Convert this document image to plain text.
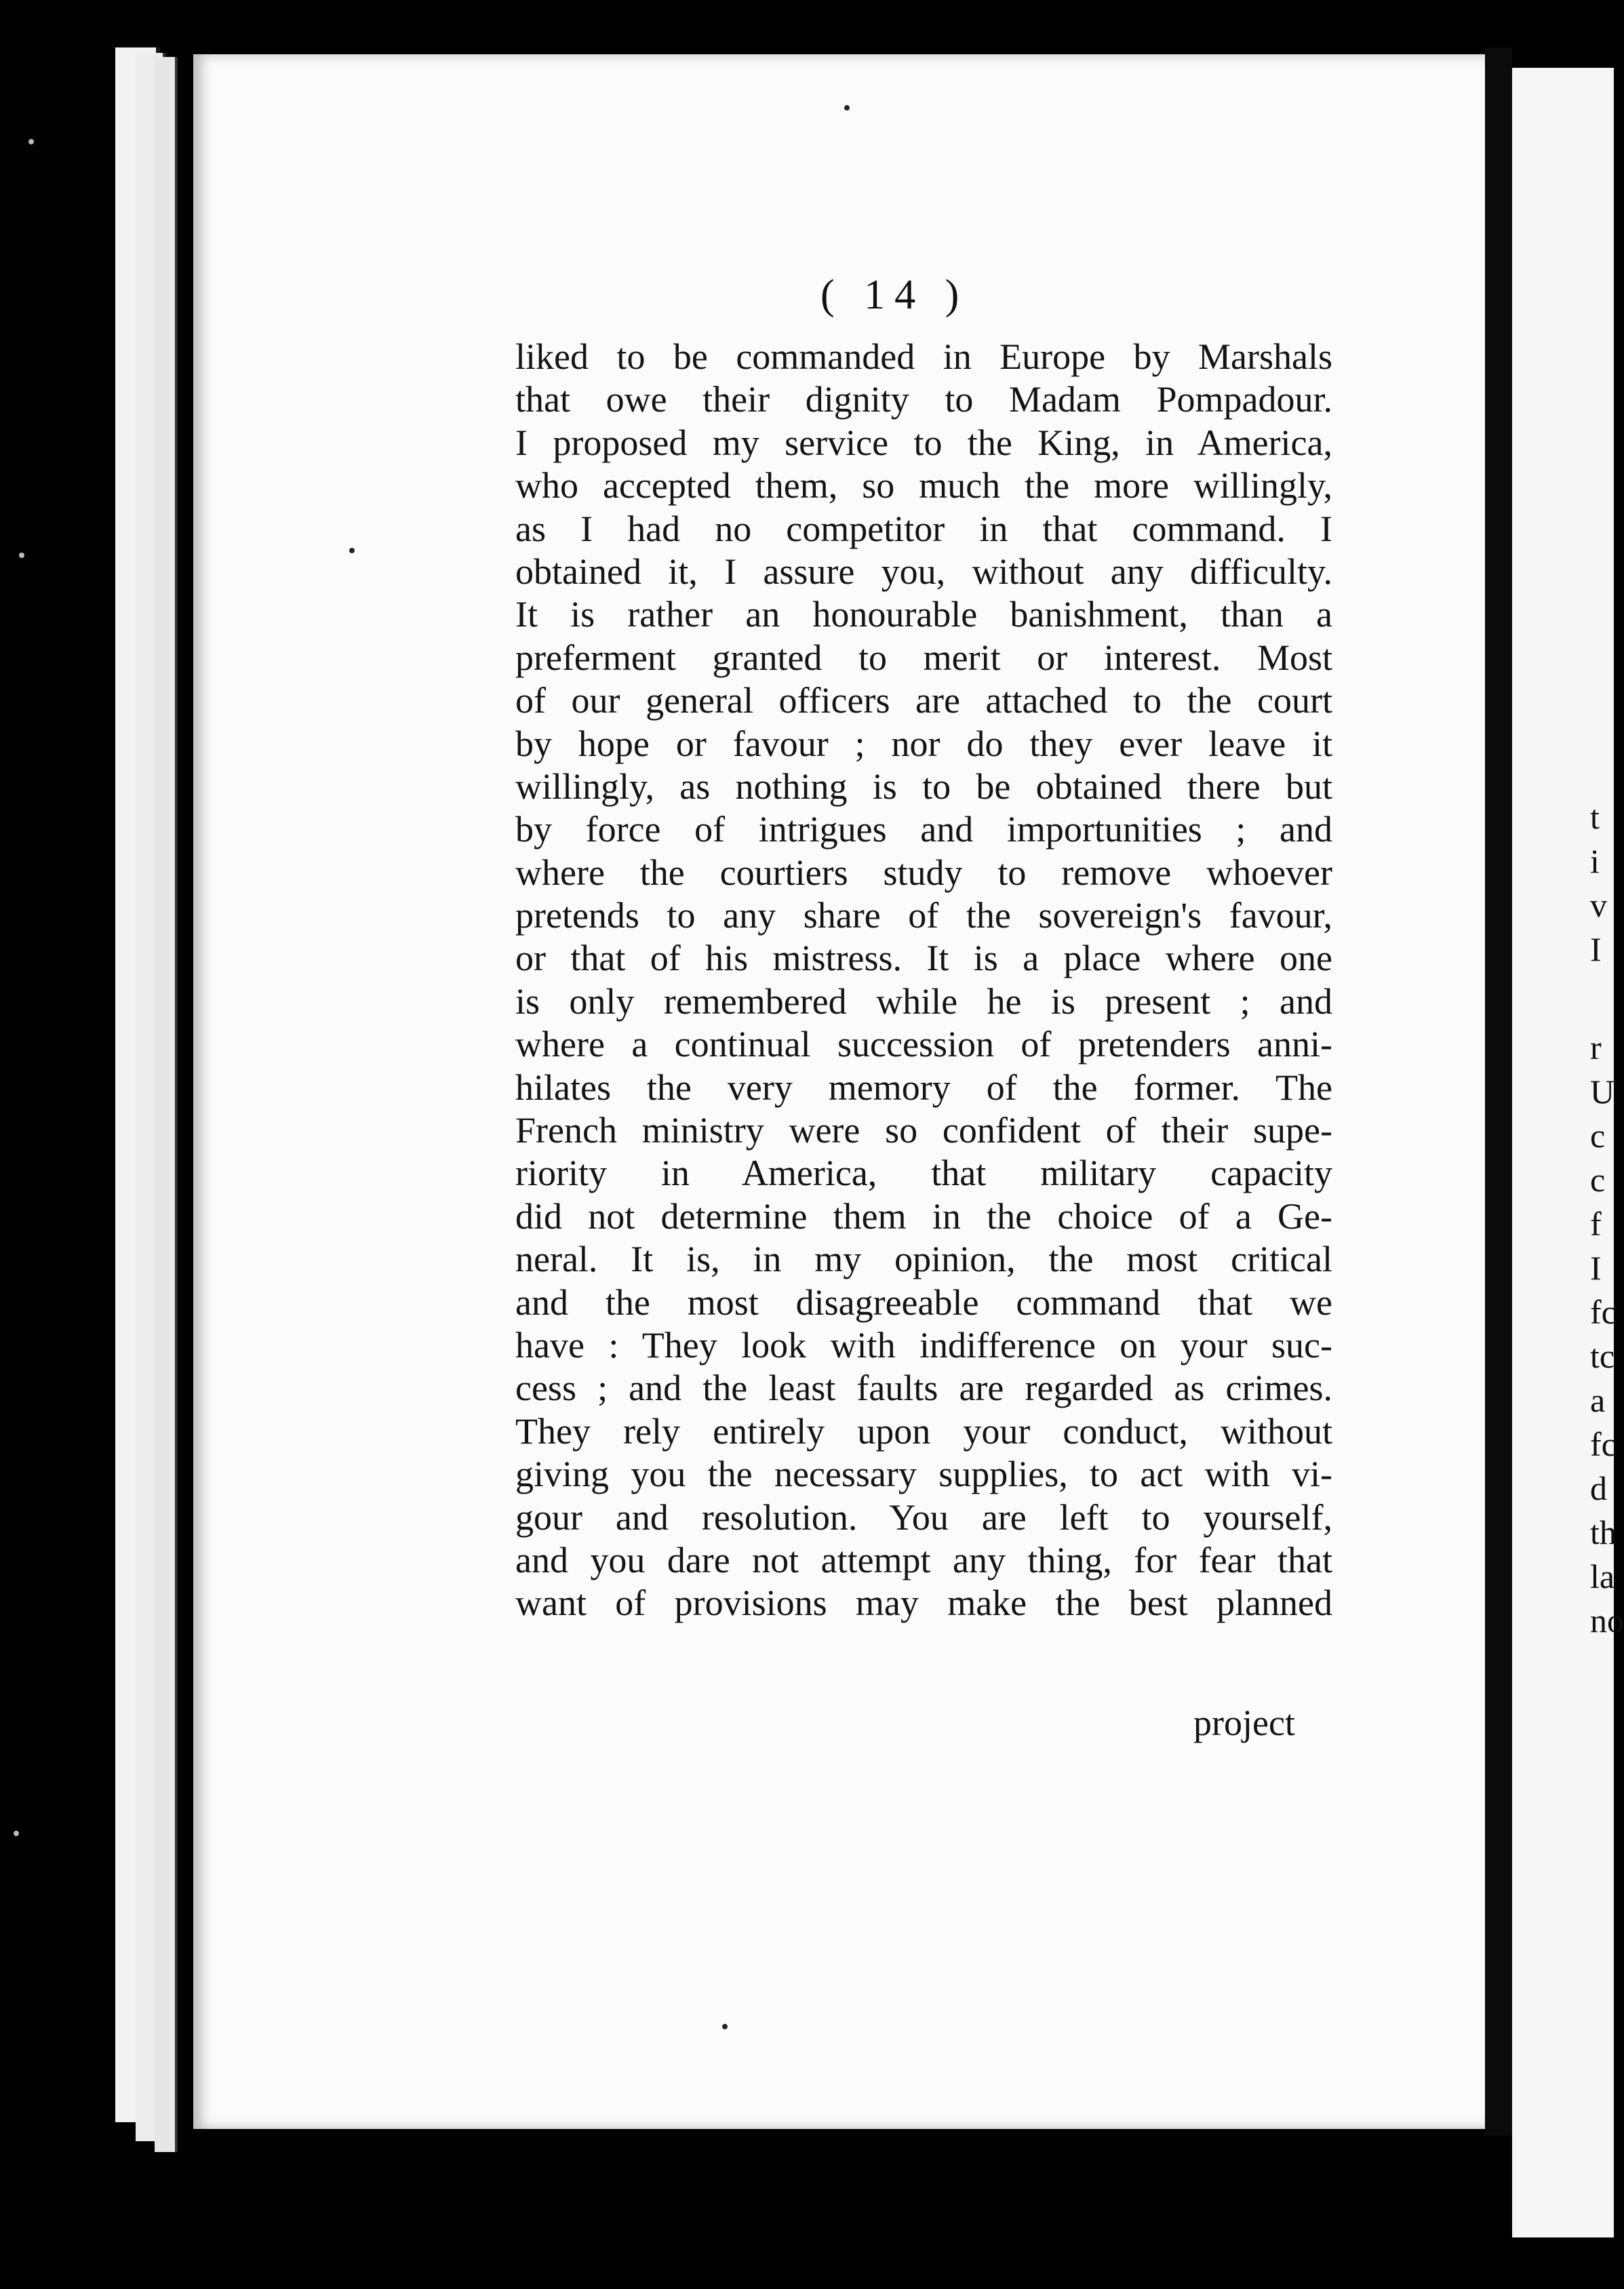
( 14 )
liked to be commanded in Europe by Marshals
that owe their dignity to Madam Pompadour.
I proposed my service to the King, in America,
who accepted them, so much the more willingly,
as I had no competitor in that command. I
obtained it, I assure you, without any difficulty.
It is rather an honourable banishment, than a
preferment granted to merit or interest. Most
of our general officers are attached to the court
by hope or favour ; nor do they ever leave it
willingly, as nothing is to be obtained there but
by force of intrigues and importunities ; and
where the courtiers study to remove whoever
pretends to any share of the sovereign's favour,
or that of his mistress. It is a place where one
is only remembered while he is present ; and
where a continual succession of pretenders anni-
hilates the very memory of the former. The
French ministry were so confident of their supe-
riority in America, that military capacity
did not determine them in the choice of a Ge-
neral. It is, in my opinion, the most critical
and the most disagreeable command that we
have : They look with indifference on your suc-
cess ; and the least faults are regarded as crimes.
They rely entirely upon your conduct, without
giving you the necessary supplies, to act with vi-
gour and resolution. You are left to yourself,
and you dare not attempt any thing, for fear that
want of provisions may make the best planned
project
t
i
v
I
r
U
c
c
f
I
fc
tc
a
fc
d
th
la
no
